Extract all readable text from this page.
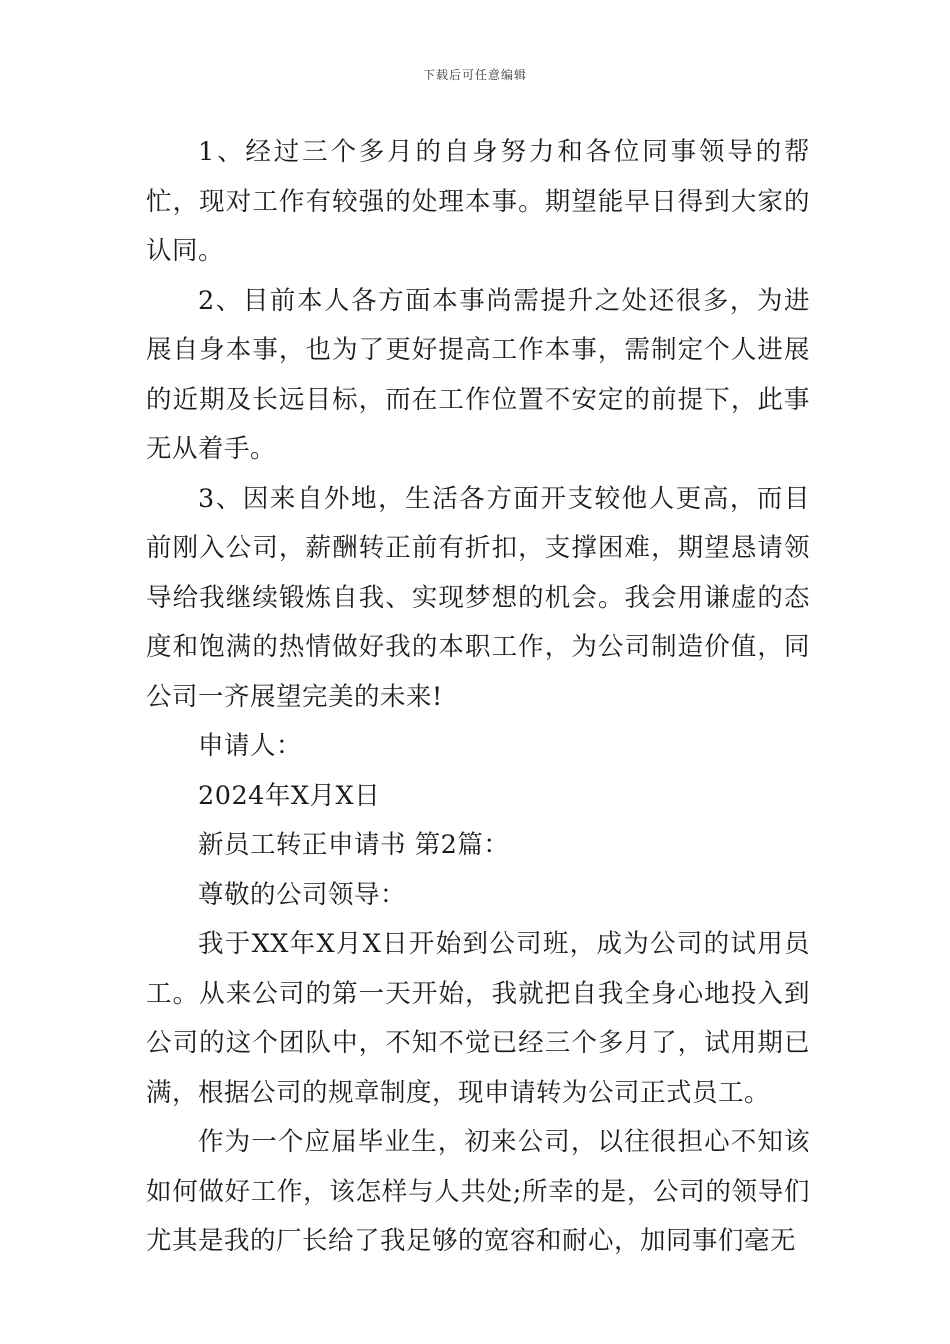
下载后可任意编辑

1、经过三个多月的自身努力和各位同事领导的帮忙，现对工作有较强的处理本事。期望能早日得到大家的认同。

2、目前本人各方面本事尚需提升之处还很多，为进展自身本事，也为了更好提高工作本事，需制定个人进展的近期及长远目标，而在工作位置不安定的前提下，此事无从着手。

3、因来自外地，生活各方面开支较他人更高，而目前刚入公司，薪酬转正前有折扣，支撑困难，期望恳请领导给我继续锻炼自我、实现梦想的机会。我会用谦虚的态度和饱满的热情做好我的本职工作，为公司制造价值，同公司一齐展望完美的未来!

申请人：

2024年X月X日

新员工转正申请书 第2篇：

尊敬的公司领导：

我于XX年X月X日开始到公司班，成为公司的试用员工。从来公司的第一天开始，我就把自我全身心地投入到公司的这个团队中，不知不觉已经三个多月了，试用期已满，根据公司的规章制度，现申请转为公司正式员工。

作为一个应届毕业生，初来公司，以往很担心不知该如何做好工作，该怎样与人共处;所幸的是，公司的领导们尤其是我的厂长给了我足够的宽容和耐心，加同事们毫无
